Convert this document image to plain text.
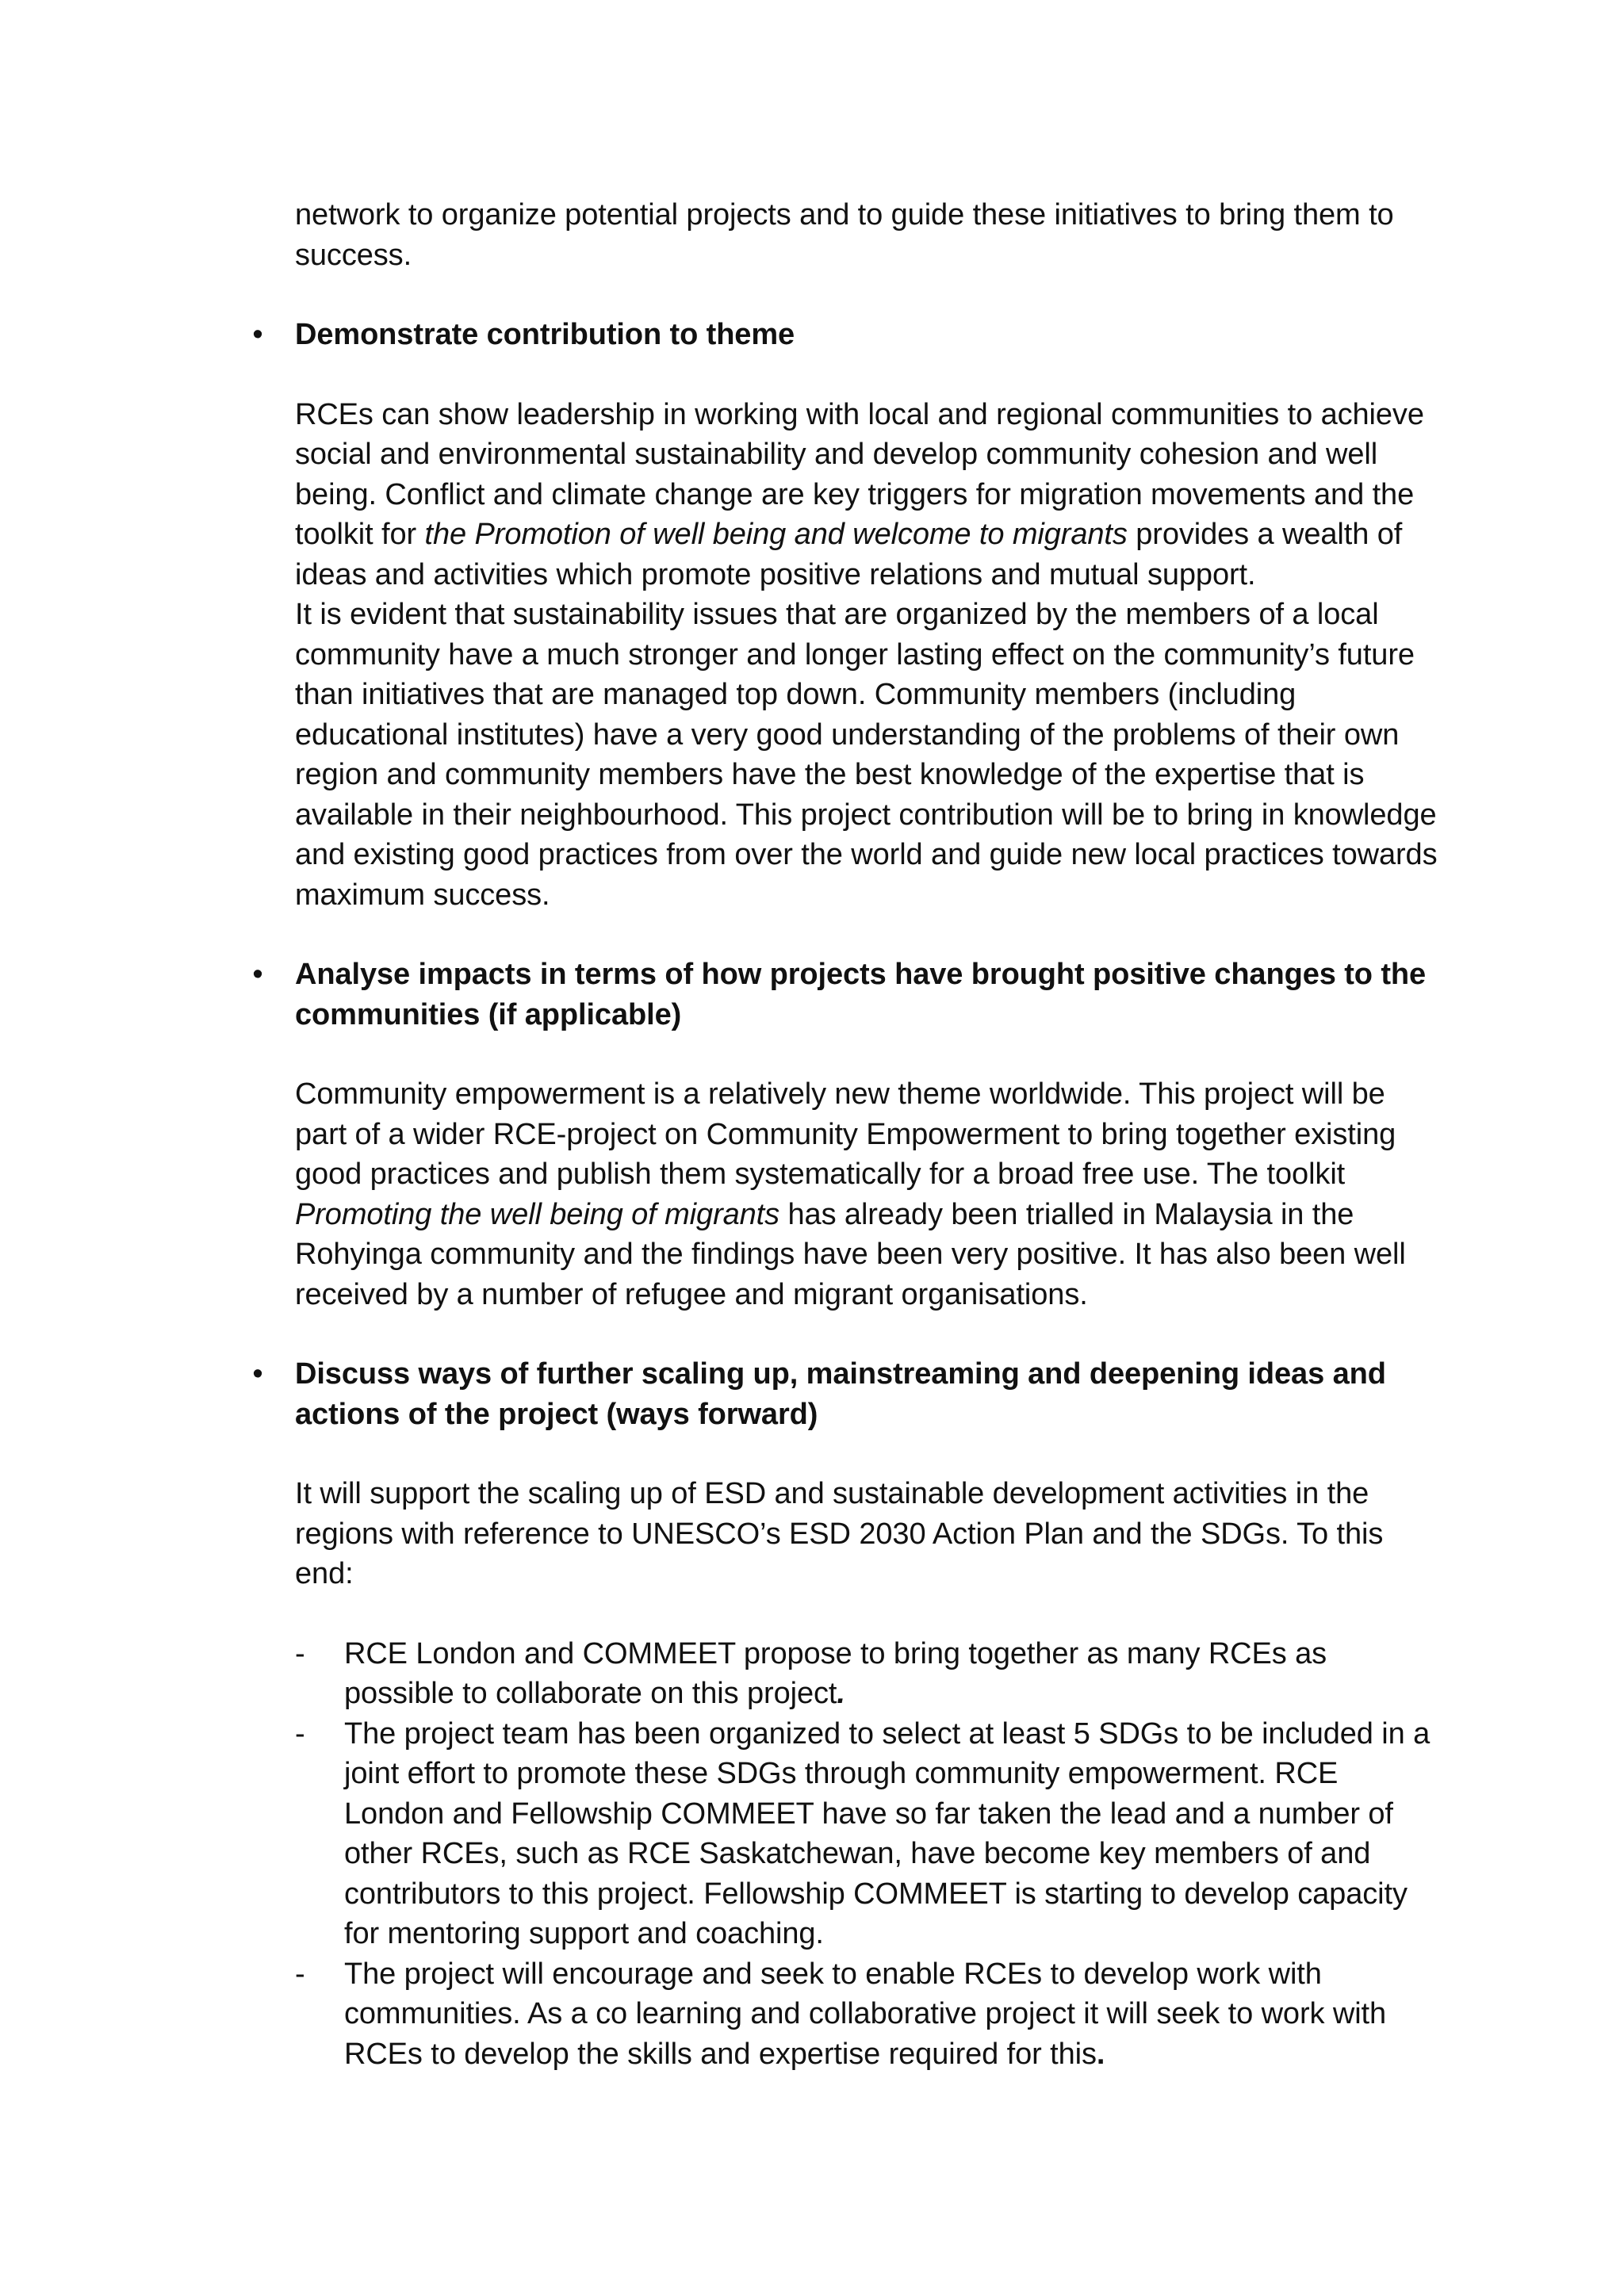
network to organize potential projects and to guide these initiatives to bring them to success.

• Demonstrate contribution to theme

RCEs can show leadership in working with local and regional communities to achieve social and environmental sustainability and develop community cohesion and well being. Conflict and climate change are key triggers for migration movements and the toolkit for the Promotion of well being and welcome to migrants provides a wealth of ideas and activities which promote positive relations and mutual support.

It is evident that sustainability issues that are organized by the members of a local community have a much stronger and longer lasting effect on the community’s future than initiatives that are managed top down. Community members (including educational institutes) have a very good understanding of the problems of their own region and community members have the best knowledge of the expertise that is available in their neighbourhood. This project contribution will be to bring in knowledge and existing good practices from over the world and guide new local practices towards maximum success.

• Analyse impacts in terms of how projects have brought positive changes to the communities (if applicable)

Community empowerment is a relatively new theme worldwide. This project will be part of a wider RCE-project on Community Empowerment to bring together existing good practices and publish them systematically for a broad free use. The toolkit Promoting the well being of migrants has already been trialled in Malaysia in the Rohyinga community and the findings have been very positive. It has also been well received by a number of refugee and migrant organisations.

• Discuss ways of further scaling up, mainstreaming and deepening ideas and actions of the project (ways forward)

It will support the scaling up of ESD and sustainable development activities in the regions with reference to UNESCO’s ESD 2030 Action Plan and the SDGs. To this end:

-	RCE London and COMMEET propose to bring together as many RCEs as possible to collaborate on this project.
-	The project team has been organized to select at least 5 SDGs to be included in a joint effort to promote these SDGs through community empowerment. RCE London and Fellowship COMMEET have so far taken the lead and a number of other RCEs, such as RCE Saskatchewan, have become key members of and contributors to this project. Fellowship COMMEET is starting to develop capacity for mentoring support and coaching.
-	The project will encourage and seek to enable RCEs to develop work with communities. As a co learning and collaborative project it will seek to work with RCEs to develop the skills and expertise required for this.
